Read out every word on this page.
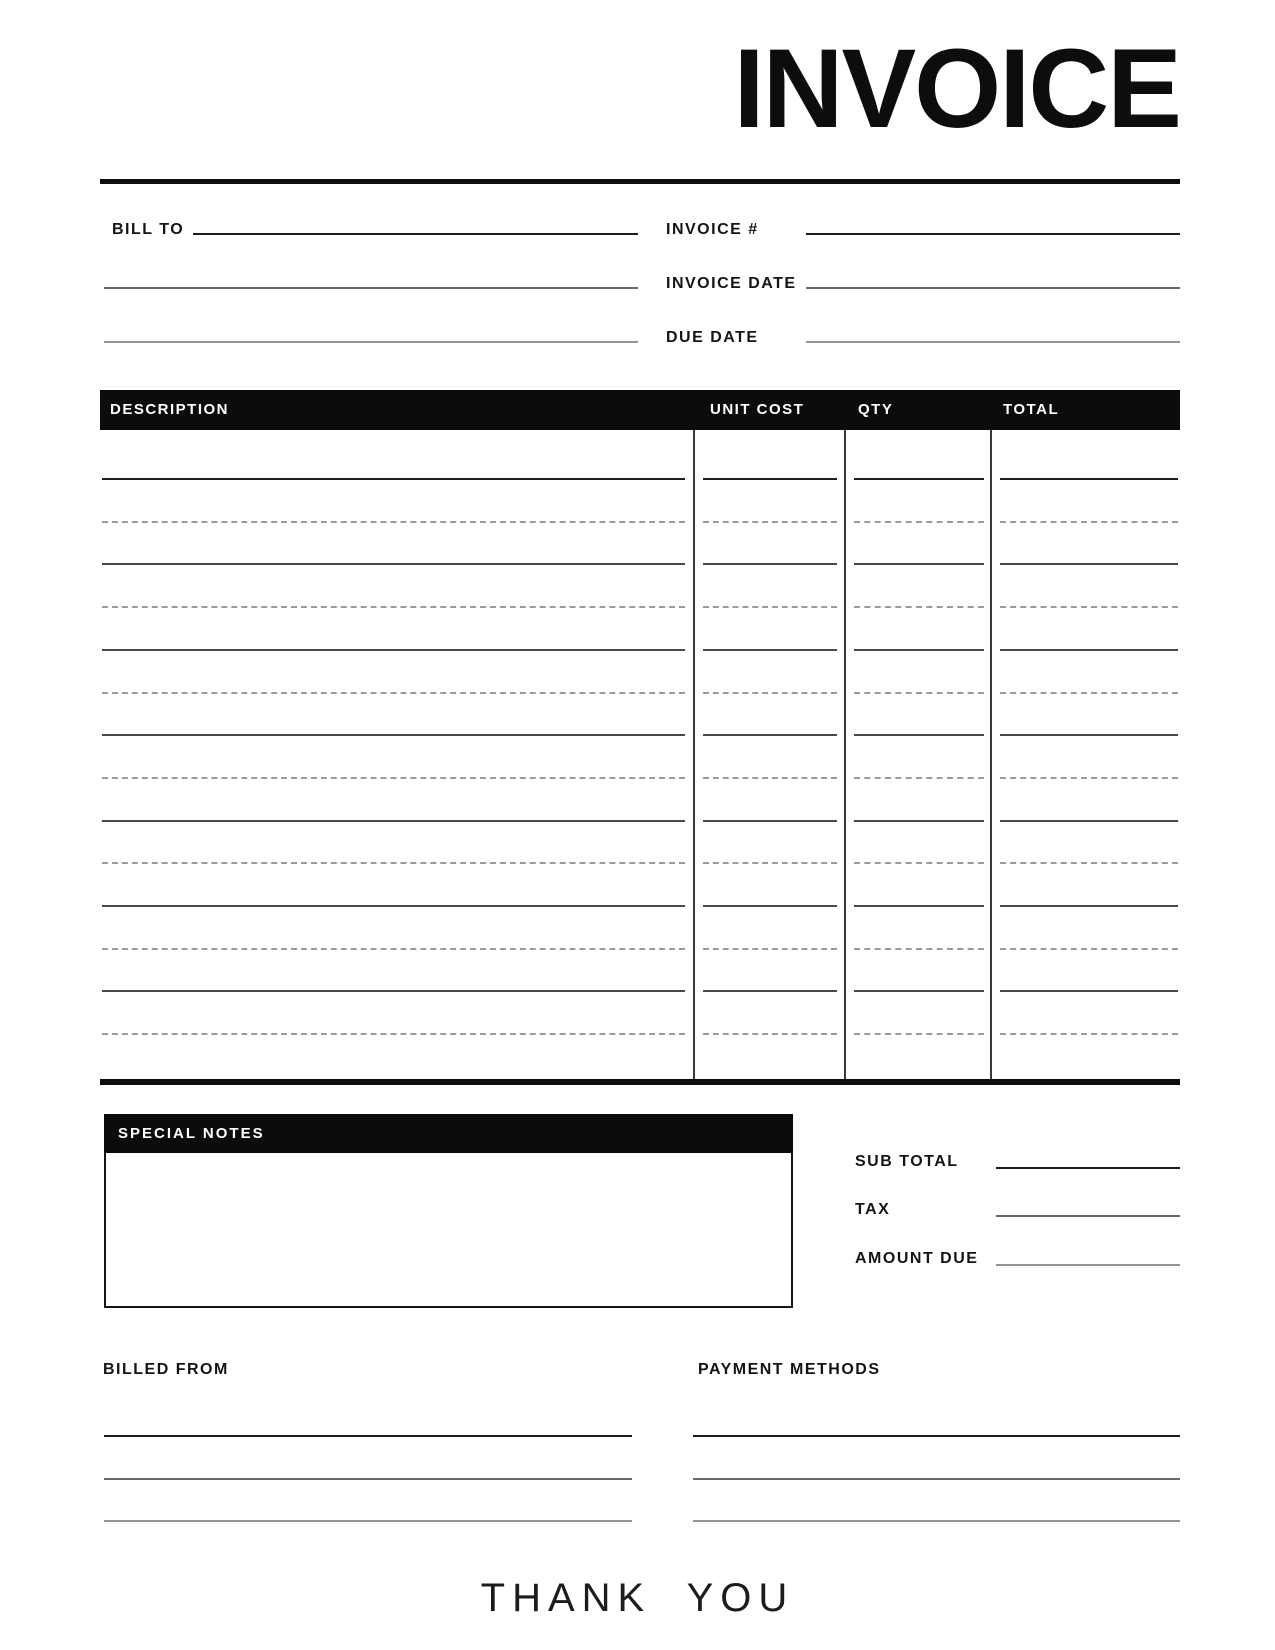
INVOICE
BILL TO	INVOICE #
INVOICE DATE
DUE DATE
DESCRIPTION	UNIT COST	QTY	TOTAL
SPECIAL NOTES
SUB TOTAL
TAX
AMOUNT DUE
BILLED FROM	PAYMENT METHODS

THANK YOU
